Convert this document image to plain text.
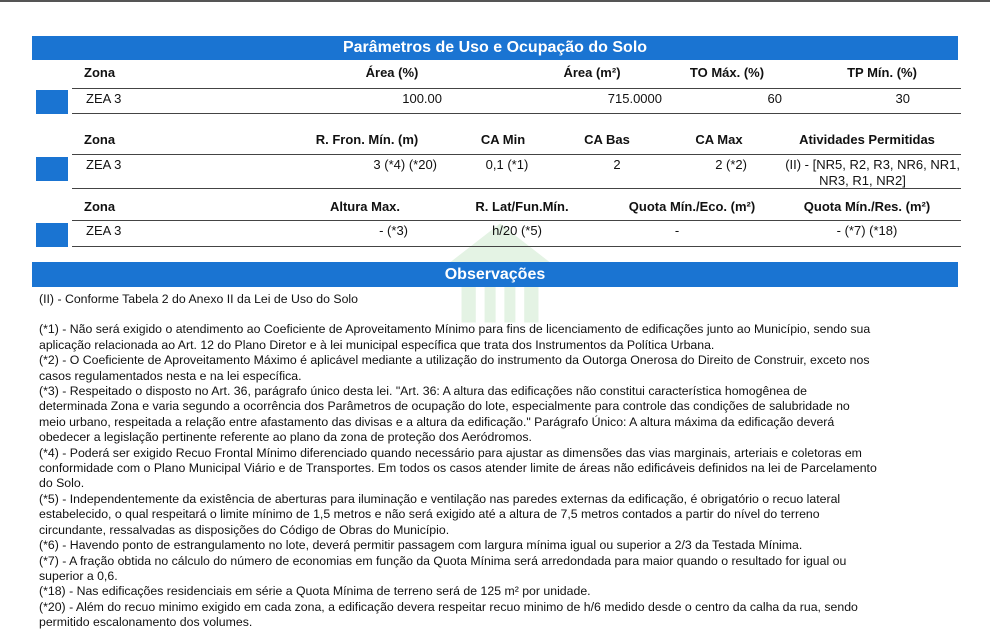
Parâmetros de Uso e Ocupação do Solo
Zona	Área (%)	Área (m²)	TO Máx. (%)	TP Mín. (%)
ZEA 3	100.00	715.0000	60	30
Zona	R. Fron. Mín. (m)	CA Min	CA Bas	CA Max	Atividades Permitidas
ZEA 3	3 (*4) (*20)	0,1 (*1)	2	2 (*2)	(II) - [NR5, R2, R3, NR6, NR1,
NR3, R1, NR2]
Zona	Altura Max.	R. Lat/Fun.Mín.	Quota Mín./Eco. (m²)	Quota Mín./Res. (m²)
ZEA 3	- (*3)	h/20 (*5)	-	- (*7) (*18)
Observações

(II) - Conforme Tabela 2 do Anexo II da Lei de Uso do Solo

(*1) - Não será exigido o atendimento ao Coeficiente de Aproveitamento Mínimo para fins de licenciamento de edificações junto ao Município, sendo sua

aplicação relacionada ao Art. 12 do Plano Diretor e à lei municipal específica que trata dos Instrumentos da Política Urbana.

(*2) - O Coeficiente de Aproveitamento Máximo é aplicável mediante a utilização do instrumento da Outorga Onerosa do Direito de Construir, exceto nos

casos regulamentados nesta e na lei específica.

(*3) - Respeitado o disposto no Art. 36, parágrafo único desta lei. "Art. 36: A altura das edificações não constitui característica homogênea de

determinada Zona e varia segundo a ocorrência dos Parâmetros de ocupação do lote, especialmente para controle das condições de salubridade no

meio urbano, respeitada a relação entre afastamento das divisas e a altura da edificação." Parágrafo Único: A altura máxima da edificação deverá

obedecer a legislação pertinente referente ao plano da zona de proteção dos Aeródromos.

(*4) - Poderá ser exigido Recuo Frontal Mínimo diferenciado quando necessário para ajustar as dimensões das vias marginais, arteriais e coletoras em

conformidade com o Plano Municipal Viário e de Transportes. Em todos os casos atender limite de áreas não edificáveis definidos na lei de Parcelamento

do Solo.

(*5) - Independentemente da existência de aberturas para iluminação e ventilação nas paredes externas da edificação, é obrigatório o recuo lateral

estabelecido, o qual respeitará o limite mínimo de 1,5 metros e não será exigido até a altura de 7,5 metros contados a partir do nível do terreno

circundante, ressalvadas as disposições do Código de Obras do Município.

(*6) - Havendo ponto de estrangulamento no lote, deverá permitir passagem com largura mínima igual ou superior a 2/3 da Testada Mínima.

(*7) - A fração obtida no cálculo do número de economias em função da Quota Mínima será arredondada para maior quando o resultado for igual ou

superior a 0,6.

(*18) - Nas edificações residenciais em série a Quota Mínima de terreno será de 125 m² por unidade.

(*20) - Além do recuo minimo exigido em cada zona, a edificação devera respeitar recuo minimo de h/6 medido desde o centro da calha da rua, sendo

permitido escalonamento dos volumes.
